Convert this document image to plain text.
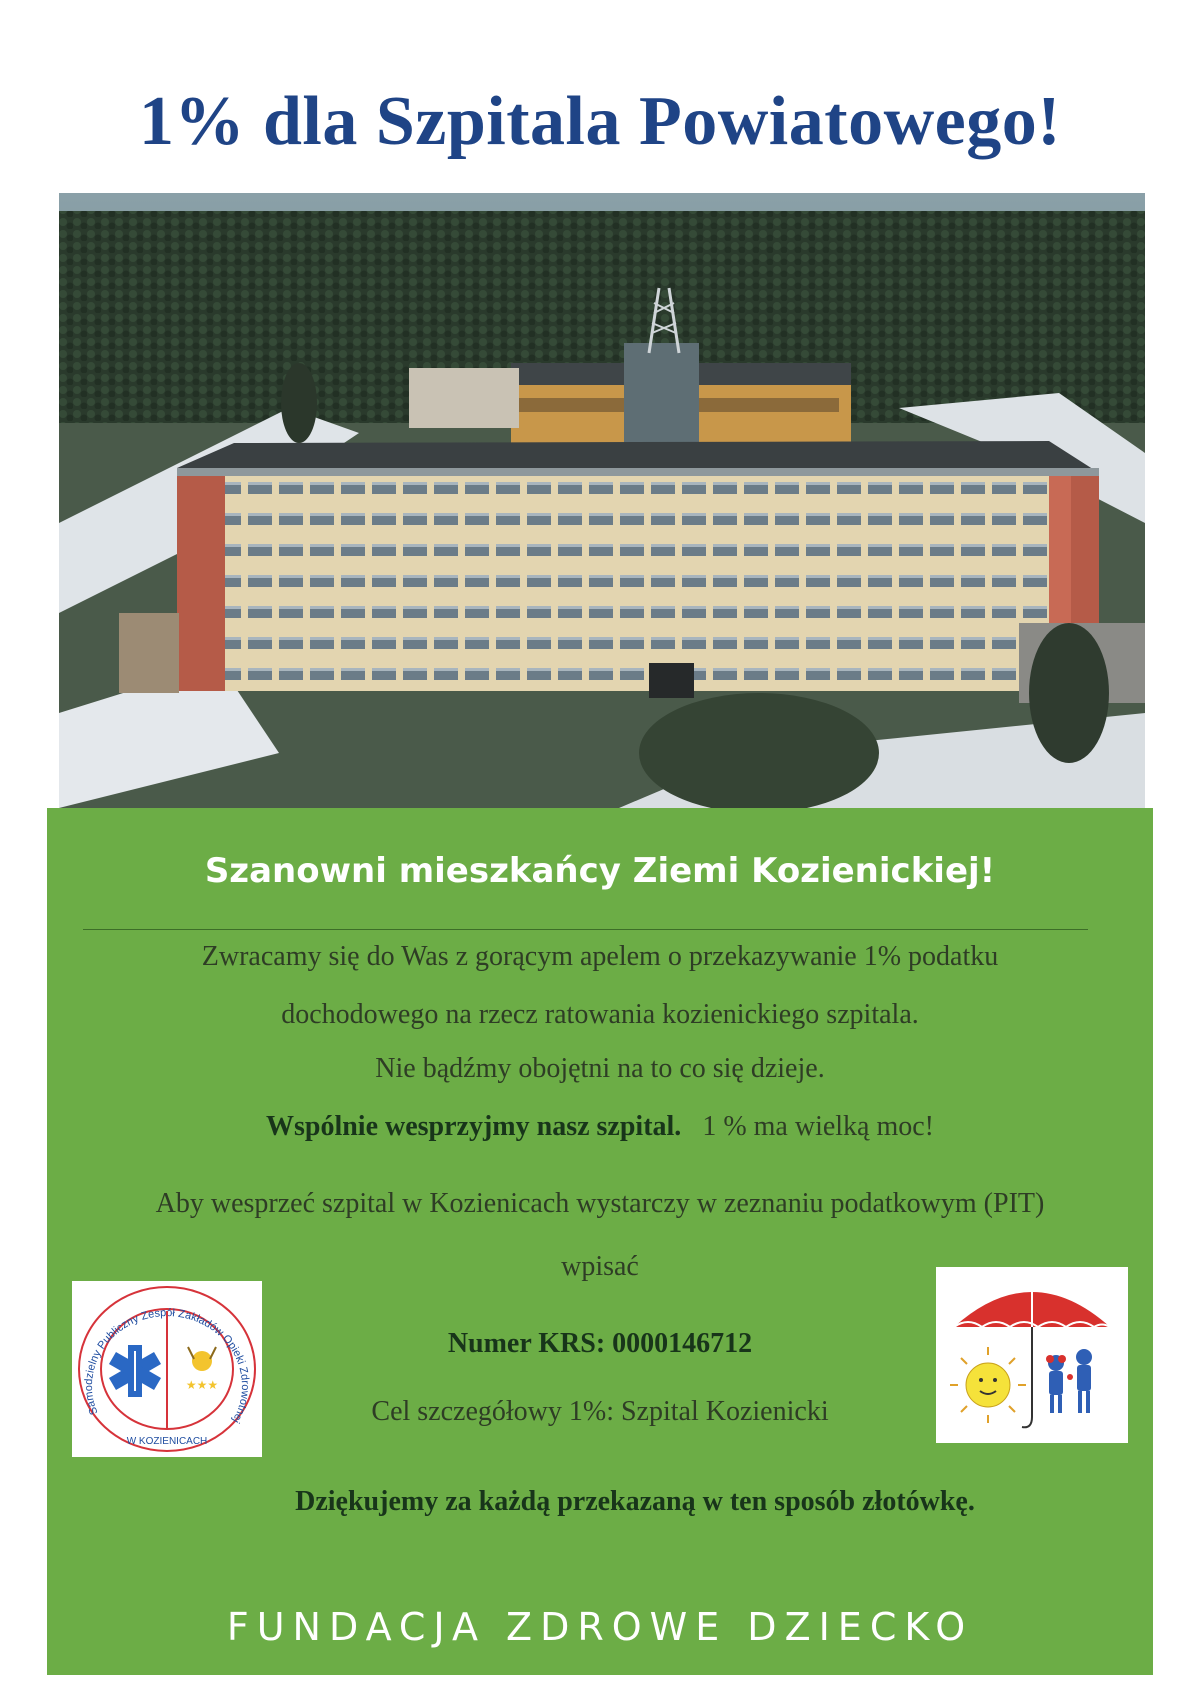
1% dla Szpitala Powiatowego!
Szanowni mieszkańcy Ziemi Kozienickiej!
Zwracamy się do Was z gorącym apelem o przekazywanie 1% podatku
dochodowego na rzecz ratowania kozienickiego szpitala.
Nie bądźmy obojętni na to co się dzieje.
Wspólnie wesprzyjmy nasz szpital. 1 % ma wielką moc!
Aby wesprzeć szpital w Kozienicach wystarczy w zeznaniu podatkowym (PIT)
wpisać
Numer KRS: 0000146712
Cel szczegółowy 1%: Szpital Kozienicki
Dziękujemy za każdą przekazaną w ten sposób złotówkę.
Samodzielny Publiczny Zespół Zakładów Opieki Zdrowotnej
W KOZIENICACH
★★★
FUNDACJA ZDROWE DZIECKO
